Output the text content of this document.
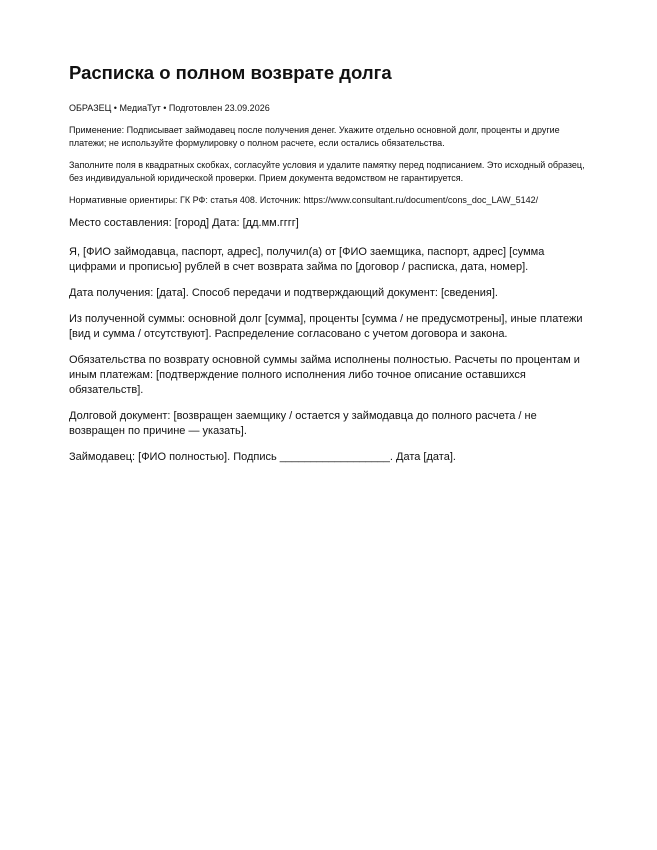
Расписка о полном возврате долга

ОБРАЗЕЦ • МедиаТут • Подготовлен 23.09.2026

Применение: Подписывает займодавец после получения денег. Укажите отдельно основной долг, проценты и другие платежи; не используйте формулировку о полном расчете, если остались обязательства.

Заполните поля в квадратных скобках, согласуйте условия и удалите памятку перед подписанием. Это исходный образец, без индивидуальной юридической проверки. Прием документа ведомством не гарантируется.

Нормативные ориентиры: ГК РФ: статья 408. Источник: https://www.consultant.ru/document/cons_doc_LAW_5142/

Место составления: [город] Дата: [дд.мм.гггг]

Я, [ФИО займодавца, паспорт, адрес], получил(а) от [ФИО заемщика, паспорт, адрес] [сумма цифрами и прописью] рублей в счет возврата займа по [договор / расписка, дата, номер].

Дата получения: [дата]. Способ передачи и подтверждающий документ: [сведения].

Из полученной суммы: основной долг [сумма], проценты [сумма / не предусмотрены], иные платежи [вид и сумма / отсутствуют]. Распределение согласовано с учетом договора и закона.

Обязательства по возврату основной суммы займа исполнены полностью. Расчеты по процентам и иным платежам: [подтверждение полного исполнения либо точное описание оставшихся обязательств].

Долговой документ: [возвращен заемщику / остается у займодавца до полного расчета / не возвращен по причине — указать].

Займодавец: [ФИО полностью]. Подпись __________________. Дата [дата].
